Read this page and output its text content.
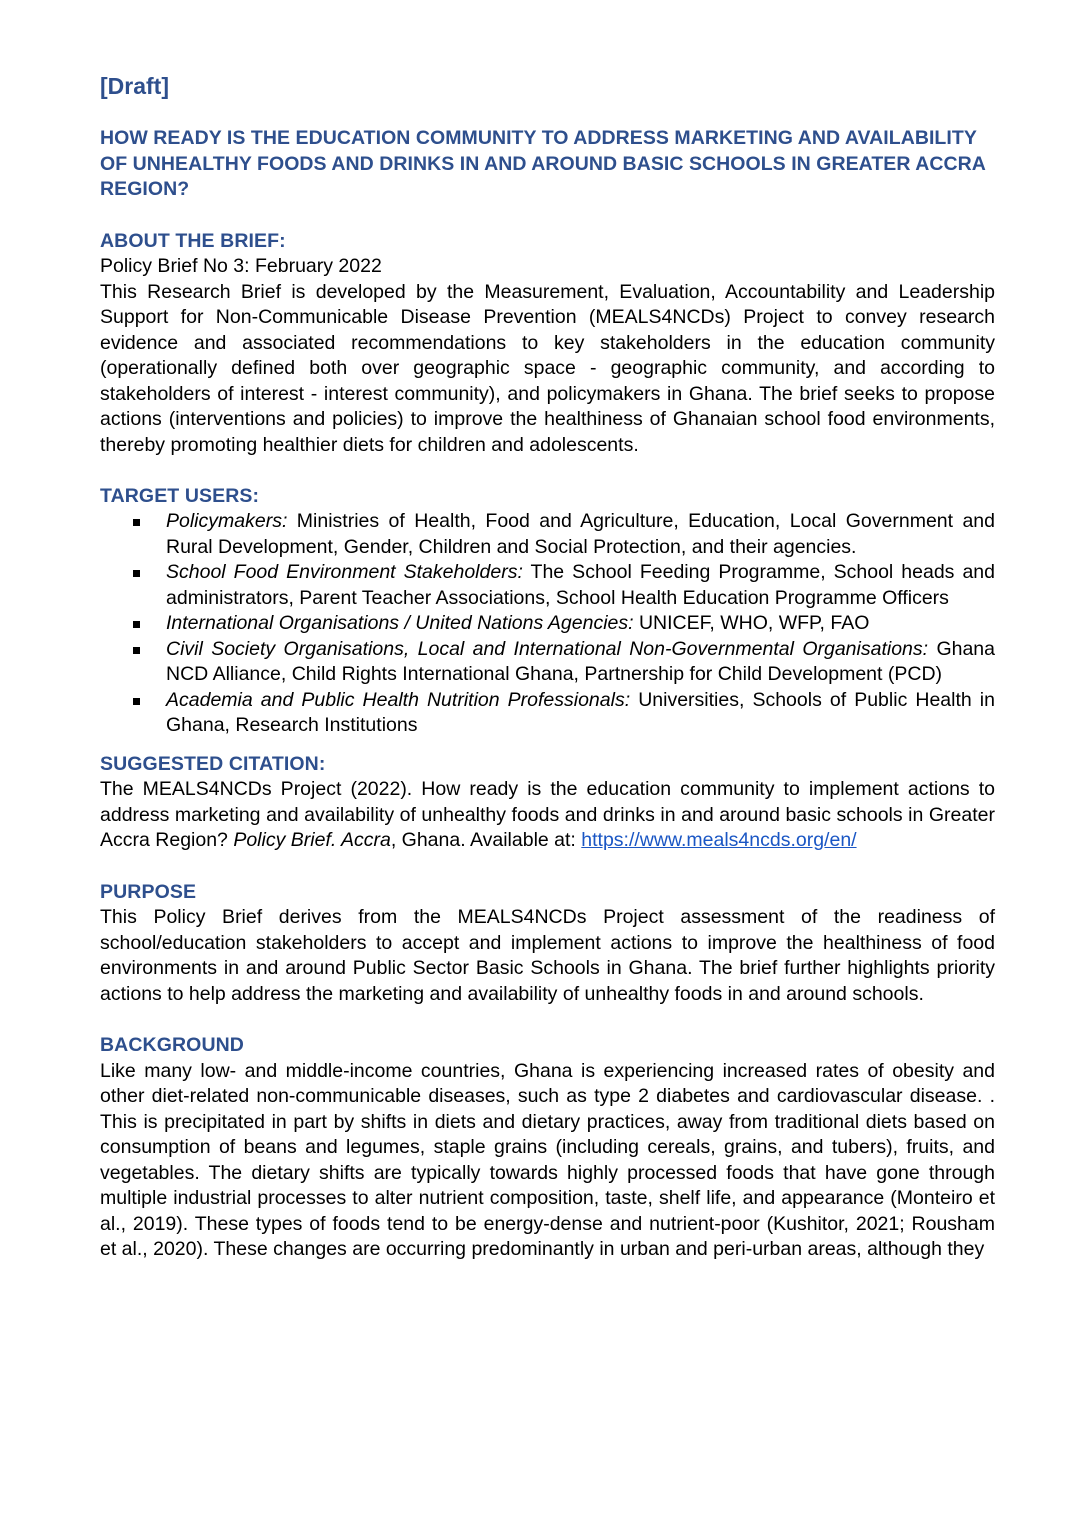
[Draft]

HOW READY IS THE EDUCATION COMMUNITY TO ADDRESS MARKETING AND AVAILABILITY OF UNHEALTHY FOODS AND DRINKS IN AND AROUND BASIC SCHOOLS IN GREATER ACCRA REGION?

ABOUT THE BRIEF:

Policy Brief No 3: February 2022

This Research Brief is developed by the Measurement, Evaluation, Accountability and Leadership Support for Non-Communicable Disease Prevention (MEALS4NCDs) Project to convey research evidence and associated recommendations to key stakeholders in the education community (operationally defined both over geographic space - geographic community, and according to stakeholders of interest - interest community), and policymakers in Ghana. The brief seeks to propose actions (interventions and policies) to improve the healthiness of Ghanaian school food environments, thereby promoting healthier diets for children and adolescents.

TARGET USERS:

Policymakers: Ministries of Health, Food and Agriculture, Education, Local Government and Rural Development, Gender, Children and Social Protection, and their agencies.
School Food Environment Stakeholders: The School Feeding Programme, School heads and administrators, Parent Teacher Associations, School Health Education Programme Officers
International Organisations / United Nations Agencies: UNICEF, WHO, WFP, FAO
Civil Society Organisations, Local and International Non-Governmental Organisations: Ghana NCD Alliance, Child Rights International Ghana, Partnership for Child Development (PCD)
Academia and Public Health Nutrition Professionals: Universities, Schools of Public Health in Ghana, Research Institutions

SUGGESTED CITATION:

The MEALS4NCDs Project (2022). How ready is the education community to implement actions to address marketing and availability of unhealthy foods and drinks in and around basic schools in Greater Accra Region? Policy Brief. Accra, Ghana. Available at: https://www.meals4ncds.org/en/

PURPOSE

This Policy Brief derives from the MEALS4NCDs Project assessment of the readiness of school/education stakeholders to accept and implement actions to improve the healthiness of food environments in and around Public Sector Basic Schools in Ghana. The brief further highlights priority actions to help address the marketing and availability of unhealthy foods in and around schools.

BACKGROUND

Like many low- and middle-income countries, Ghana is experiencing increased rates of obesity and other diet-related non-communicable diseases, such as type 2 diabetes and cardiovascular disease. . This is precipitated in part by shifts in diets and dietary practices, away from traditional diets based on consumption of beans and legumes, staple grains (including cereals, grains, and tubers), fruits, and vegetables. The dietary shifts are typically towards highly processed foods that have gone through multiple industrial processes to alter nutrient composition, taste, shelf life, and appearance (Monteiro et al., 2019). These types of foods tend to be energy-dense and nutrient-poor (Kushitor, 2021; Rousham et al., 2020). These changes are occurring predominantly in urban and peri-urban areas, although they
